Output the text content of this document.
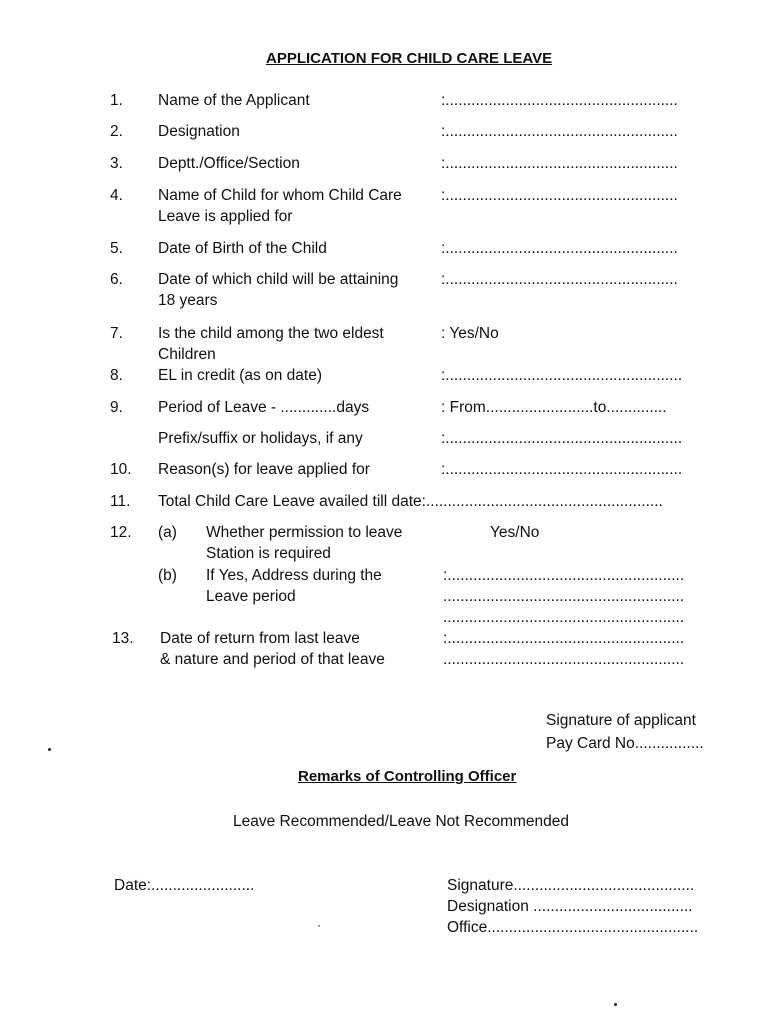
APPLICATION FOR CHILD CARE LEAVE
1. Name of the Applicant	:......................................................
2. Designation	:......................................................
3. Deptt./Office/Section	:......................................................
4. Name of Child for whom Child Care
Leave is applied for
:......................................................
5. Date of Birth of the Child	:......................................................
6. Date of which child will be attaining
18 years
:......................................................
7. Is the child among the two eldest
Children
: Yes/No
8. EL in credit (as on date)	:.......................................................
9. Period of Leave - .............days	: From.........................to..............
Prefix/suffix or holidays, if any	:.......................................................
10. Reason(s) for leave applied for	:.......................................................
11. Total Child Care Leave availed till date:.......................................................
12. (a) Whether permission to leave
Station is required
Yes/No
(b) If Yes, Address during the
Leave period
:.......................................................
........................................................
........................................................
13. Date of return from last leave
& nature and period of that leave
:.......................................................
........................................................
Signature of applicant
Pay Card No................
Remarks of Controlling Officer
Leave Recommended/Leave Not Recommended
Date:........................	Signature..........................................
Designation .....................................
Office.................................................
